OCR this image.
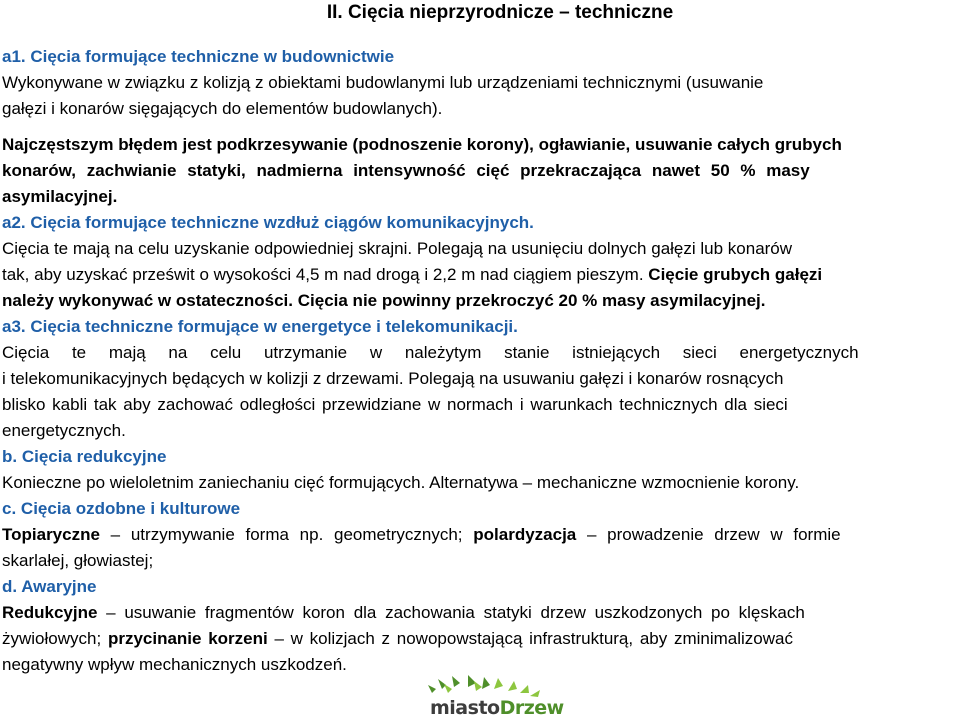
II. Cięcia nieprzyrodnicze – techniczne
a1. Cięcia formujące techniczne w budownictwie
Wykonywane w związku z kolizją z obiektami budowlanymi lub urządzeniami technicznymi (usuwanie
gałęzi i konarów sięgających do elementów budowlanych).
Najczęstszym błędem jest podkrzesywanie (podnoszenie korony), ogławianie, usuwanie całych grubych
konarów, zachwianie statyki, nadmierna intensywność cięć przekraczająca nawet 50 % masy
asymilacyjnej.
a2. Cięcia formujące techniczne wzdłuż ciągów komunikacyjnych.
Cięcia te mają na celu uzyskanie odpowiedniej skrajni. Polegają na usunięciu dolnych gałęzi lub konarów
tak, aby uzyskać prześwit o wysokości 4,5 m nad drogą i 2,2 m nad ciągiem pieszym. Cięcie grubych gałęzi
należy wykonywać w ostateczności. Cięcia nie powinny przekroczyć 20 % masy asymilacyjnej.
a3. Cięcia techniczne formujące w energetyce i telekomunikacji.
Cięcia te mają na celu utrzymanie w należytym stanie istniejących sieci energetycznych
i telekomunikacyjnych będących w kolizji z drzewami. Polegają na usuwaniu gałęzi i konarów rosnących
blisko kabli tak aby zachować odległości przewidziane w normach i warunkach technicznych dla sieci
energetycznych.
b. Cięcia redukcyjne
Konieczne po wieloletnim zaniechaniu cięć formujących. Alternatywa – mechaniczne wzmocnienie korony.
c. Cięcia ozdobne i kulturowe
Topiaryczne – utrzymywanie forma np. geometrycznych; polardyzacja – prowadzenie drzew w formie
skarlałej, głowiastej;
d. Awaryjne
Redukcyjne – usuwanie fragmentów koron dla zachowania statyki drzew uszkodzonych po klęskach
żywiołowych; przycinanie korzeni – w kolizjach z nowopowstającą infrastrukturą, aby zminimalizować
negatywny wpływ mechanicznych uszkodzeń.
miastoDrzew
